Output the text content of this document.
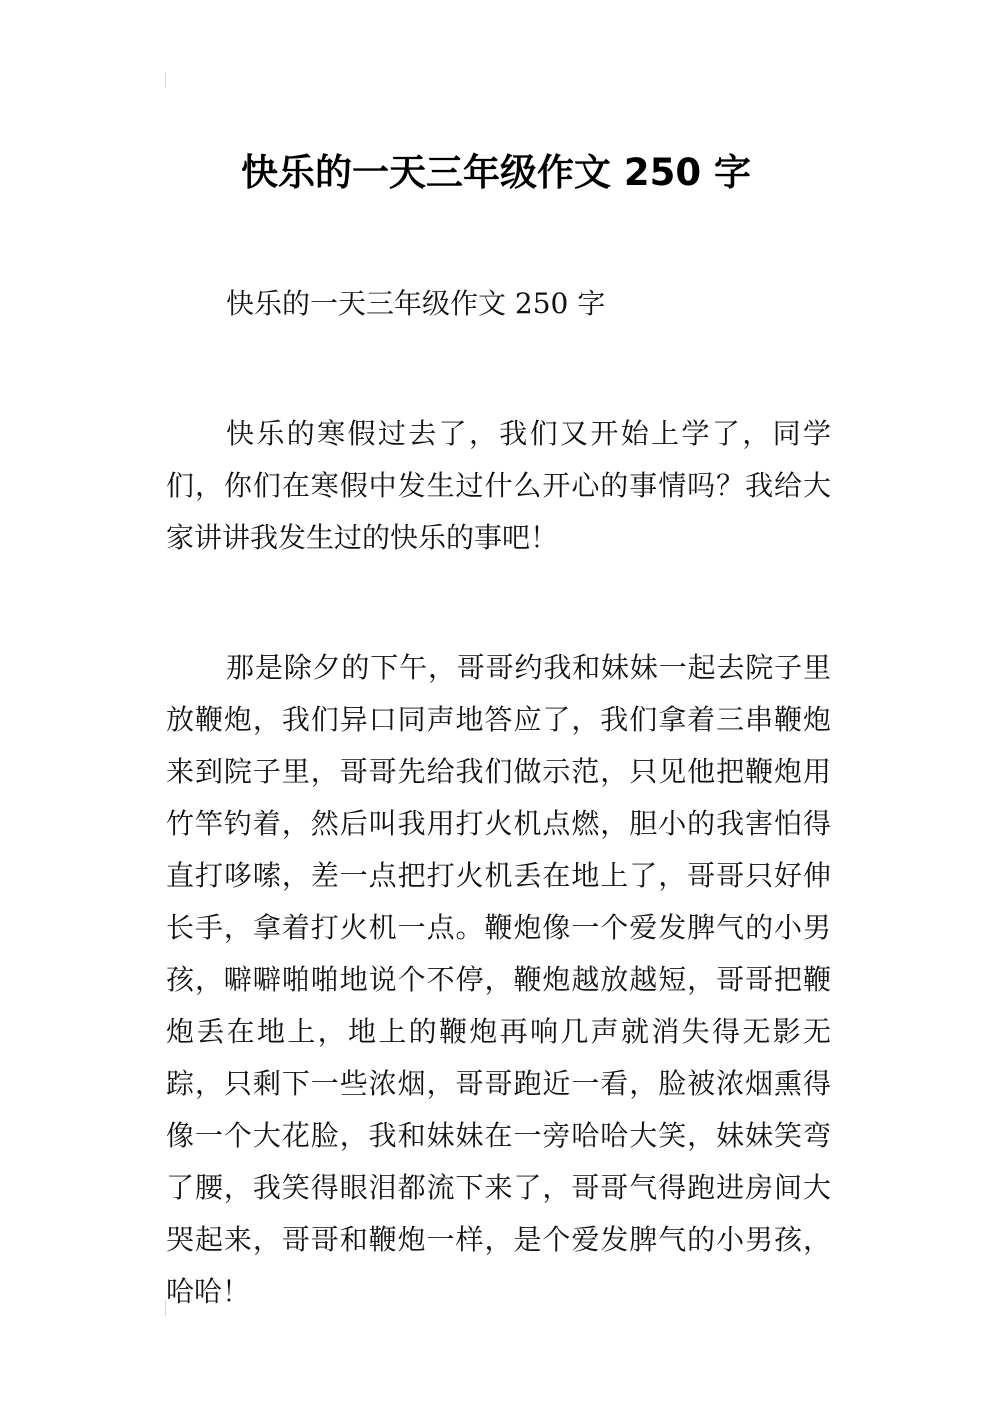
快乐的一天三年级作文 250 字

快乐的一天三年级作文 250 字

快乐的寒假过去了，我们又开始上学了，同学们，你们在寒假中发生过什么开心的事情吗？我给大家讲讲我发生过的快乐的事吧！

那是除夕的下午，哥哥约我和妹妹一起去院子里放鞭炮，我们异口同声地答应了，我们拿着三串鞭炮来到院子里，哥哥先给我们做示范，只见他把鞭炮用竹竿钓着，然后叫我用打火机点燃，胆小的我害怕得直打哆嗦，差一点把打火机丢在地上了，哥哥只好伸长手，拿着打火机一点。鞭炮像一个爱发脾气的小男孩，噼噼啪啪地说个不停，鞭炮越放越短，哥哥把鞭炮丢在地上，地上的鞭炮再响几声就消失得无影无踪，只剩下一些浓烟，哥哥跑近一看，脸被浓烟熏得像一个大花脸，我和妹妹在一旁哈哈大笑，妹妹笑弯了腰，我笑得眼泪都流下来了，哥哥气得跑进房间大哭起来，哥哥和鞭炮一样，是个爱发脾气的小男孩，哈哈！
